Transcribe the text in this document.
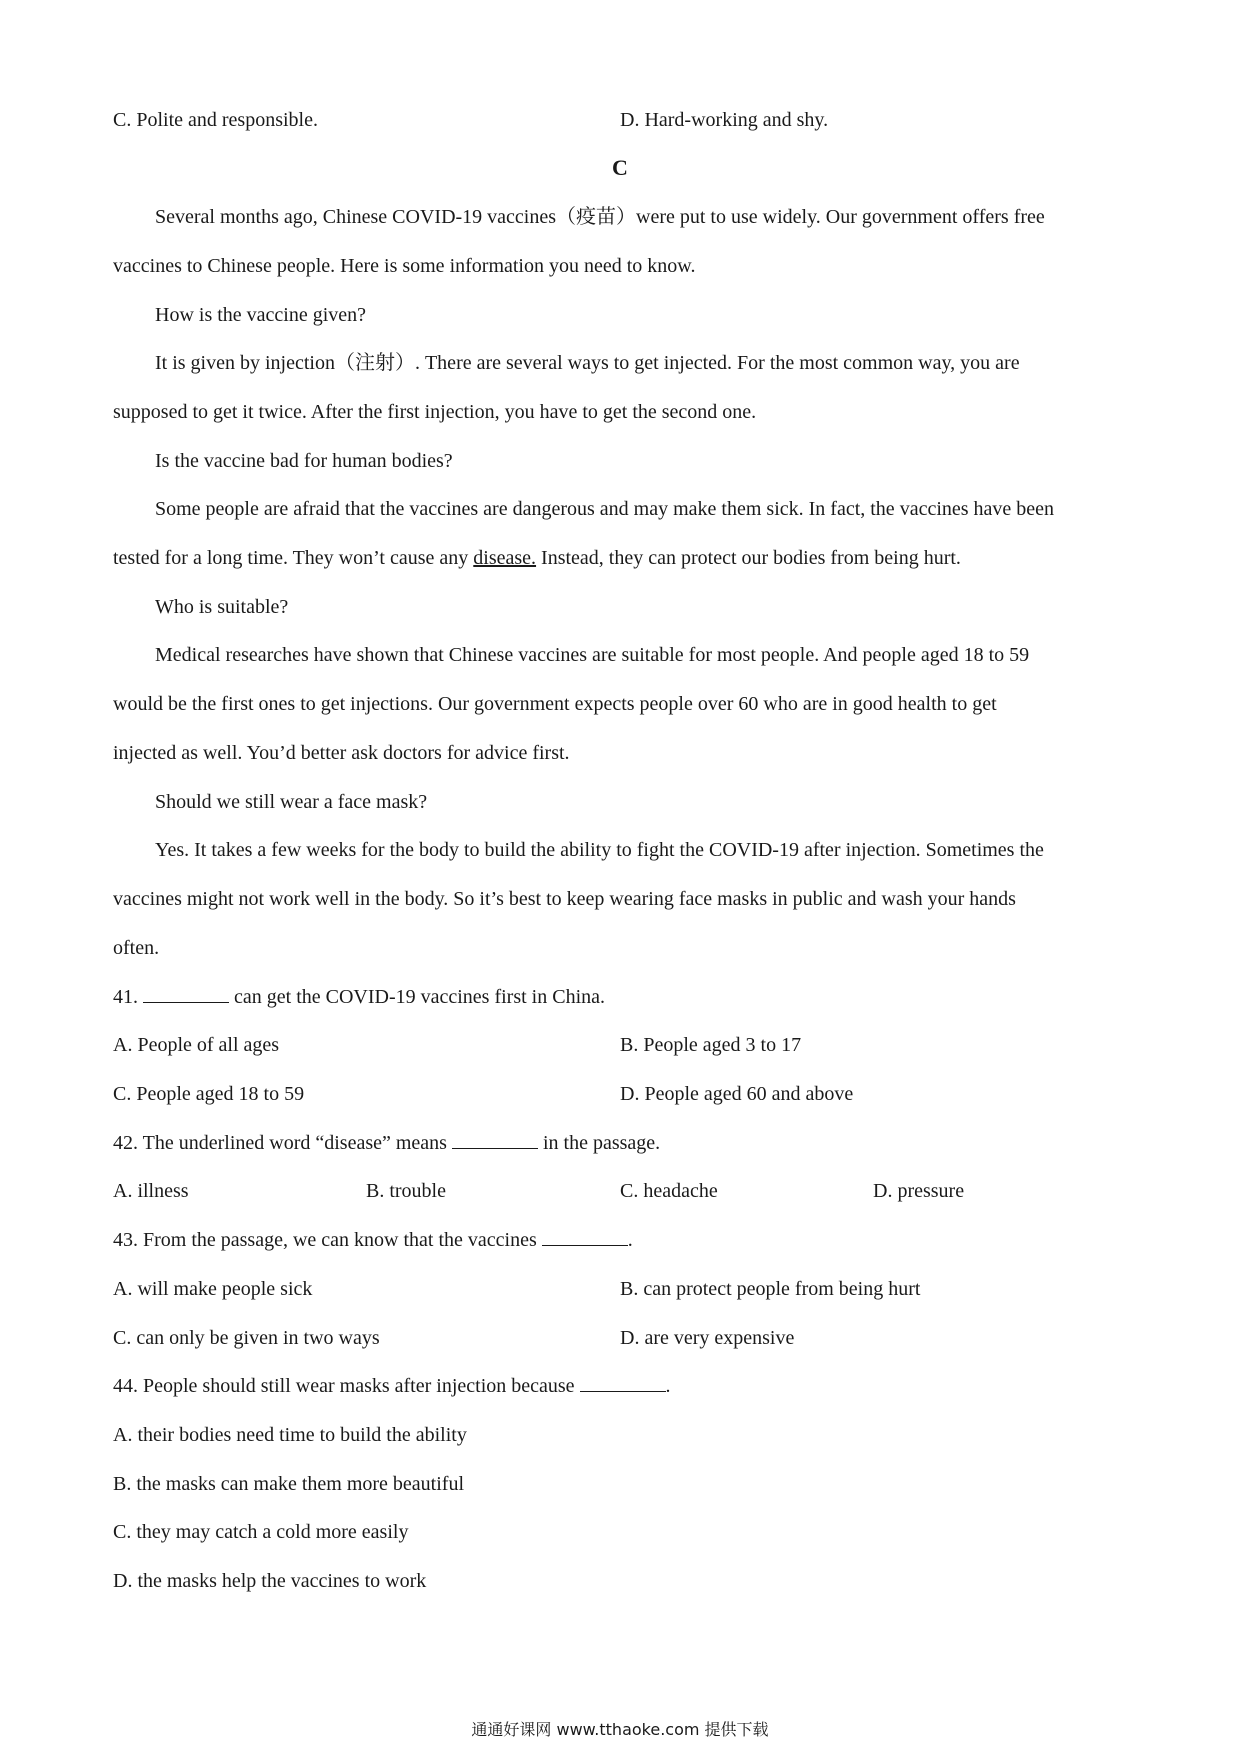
C. Polite and responsible.	D. Hard-working and shy.
C
Several months ago, Chinese COVID-19 vaccines（疫苗）were put to use widely. Our government offers free
vaccines to Chinese people. Here is some information you need to know.
How is the vaccine given?
It is given by injection（注射）. There are several ways to get injected. For the most common way, you are
supposed to get it twice. After the first injection, you have to get the second one.
Is the vaccine bad for human bodies?
Some people are afraid that the vaccines are dangerous and may make them sick. In fact, the vaccines have been
tested for a long time. They won’t cause any disease. Instead, they can protect our bodies from being hurt.
Who is suitable?
Medical researches have shown that Chinese vaccines are suitable for most people. And people aged 18 to 59
would be the first ones to get injections. Our government expects people over 60 who are in good health to get
injected as well. You’d better ask doctors for advice first.
Should we still wear a face mask?
Yes. It takes a few weeks for the body to build the ability to fight the COVID-19 after injection. Sometimes the
vaccines might not work well in the body. So it’s best to keep wearing face masks in public and wash your hands
often.
41.	can get the COVID-19 vaccines first in China.
A. People of all ages	B. People aged 3 to 17
C. People aged 18 to 59	D. People aged 60 and above
42. The underlined word “disease” means	in the passage.
A. illness	B. trouble	C. headache	D. pressure
43. From the passage, we can know that the vaccines	.
A. will make people sick	B. can protect people from being hurt
C. can only be given in two ways	D. are very expensive
44. People should still wear masks after injection because	.
A. their bodies need time to build the ability
B. the masks can make them more beautiful
C. they may catch a cold more easily
D. the masks help the vaccines to work
通通好课网 www.tthaoke.com 提供下载
